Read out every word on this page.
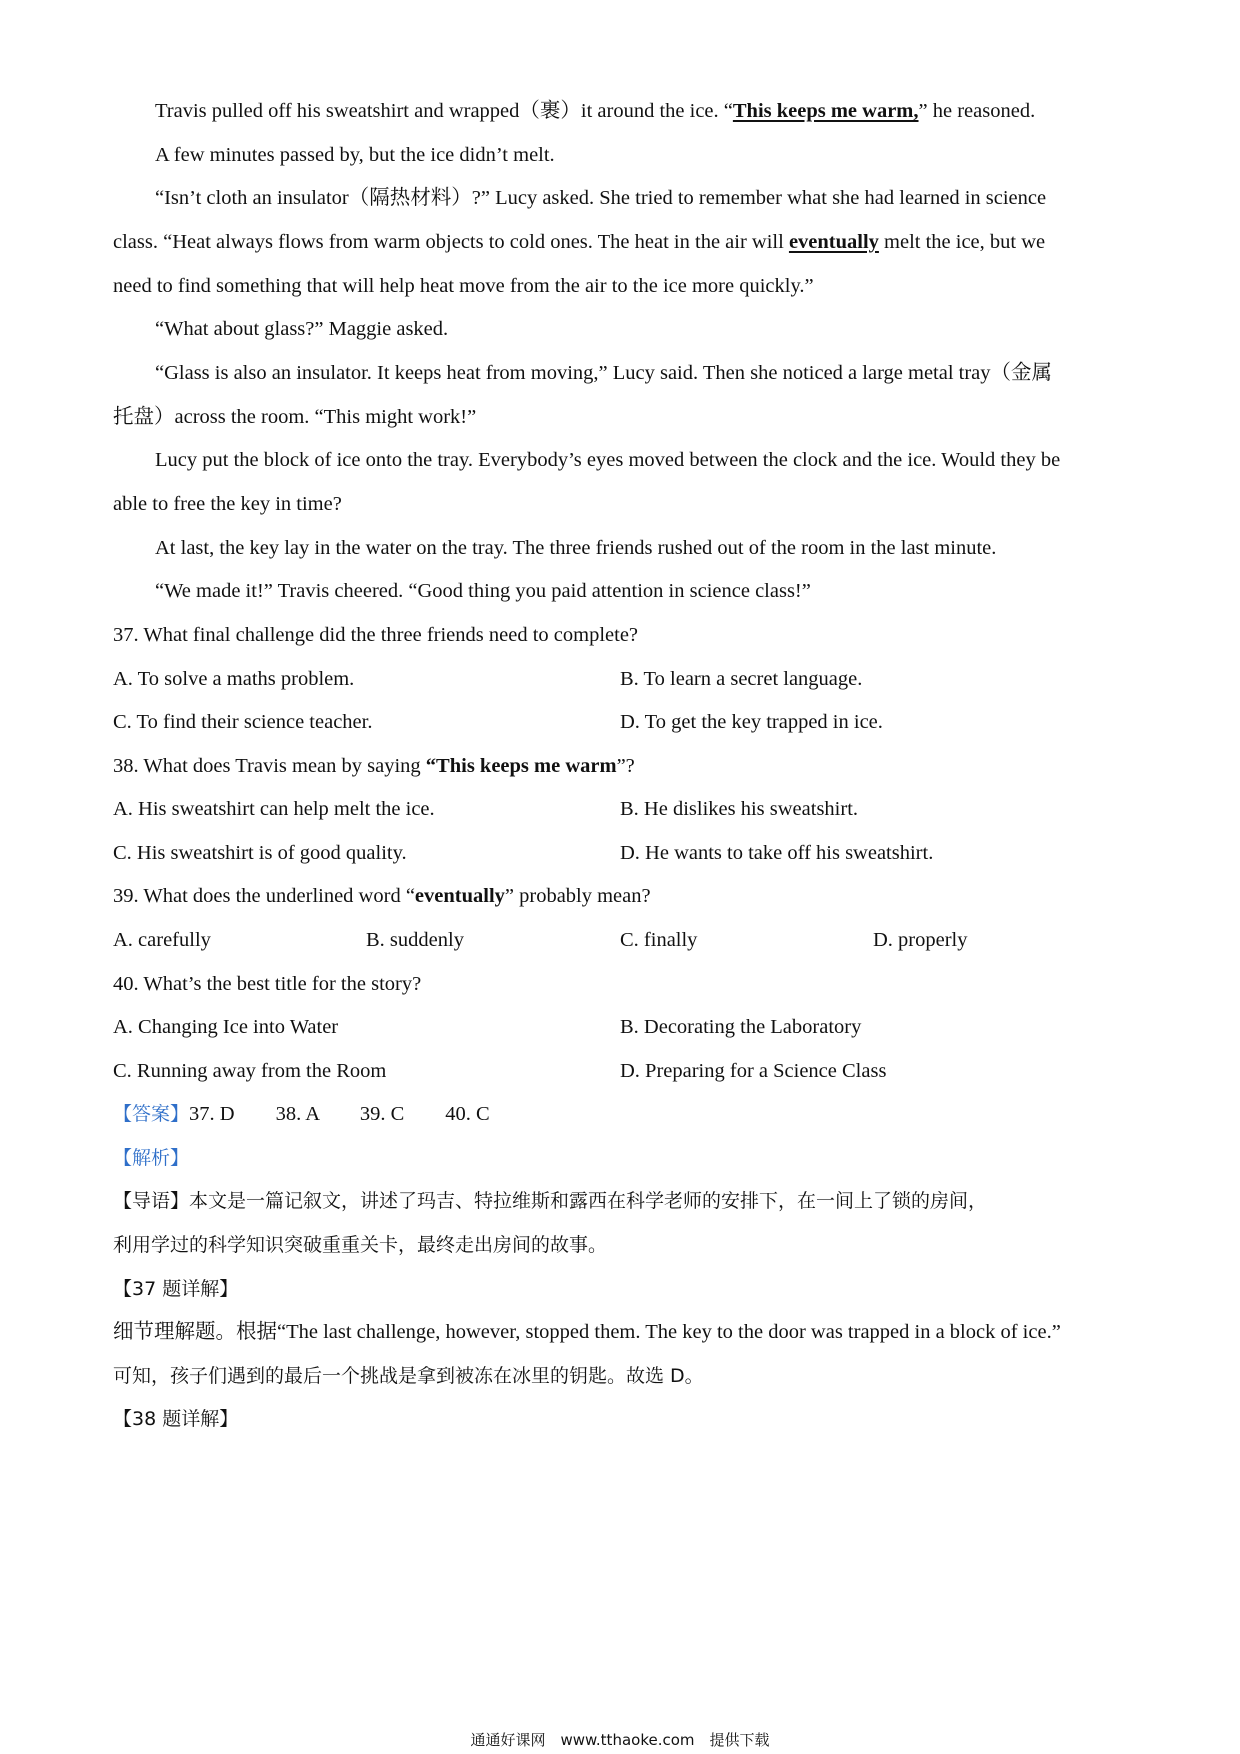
Travis pulled off his sweatshirt and wrapped（裹）it around the ice. “This keeps me warm,” he reasoned.
A few minutes passed by, but the ice didn’t melt.
“Isn’t cloth an insulator（隔热材料）?” Lucy asked. She tried to remember what she had learned in science
class. “Heat always flows from warm objects to cold ones. The heat in the air will eventually melt the ice, but we
need to find something that will help heat move from the air to the ice more quickly.”
“What about glass?” Maggie asked.
“Glass is also an insulator. It keeps heat from moving,” Lucy said. Then she noticed a large metal tray（金属
托盘）across the room. “This might work!”
Lucy put the block of ice onto the tray. Everybody’s eyes moved between the clock and the ice. Would they be
able to free the key in time?
At last, the key lay in the water on the tray. The three friends rushed out of the room in the last minute.
“We made it!” Travis cheered. “Good thing you paid attention in science class!”
37. What final challenge did the three friends need to complete?
A. To solve a maths problem.	B. To learn a secret language.
C. To find their science teacher.	D. To get the key trapped in ice.
38. What does Travis mean by saying “This keeps me warm”?
A. His sweatshirt can help melt the ice.	B. He dislikes his sweatshirt.
C. His sweatshirt is of good quality.	D. He wants to take off his sweatshirt.
39. What does the underlined word “eventually” probably mean?
A. carefully	B. suddenly	C. finally	D. properly
40. What’s the best title for the story?
A. Changing Ice into Water	B. Decorating the Laboratory
C. Running away from the Room	D. Preparing for a Science Class
【答案】37. D　　38. A　　39. C　　40. C
【解析】
【导语】本文是一篇记叙文，讲述了玛吉、特拉维斯和露西在科学老师的安排下，在一间上了锁的房间，
利用学过的科学知识突破重重关卡，最终走出房间的故事。
【37 题详解】
细节理解题。根据“The last challenge, however, stopped them. The key to the door was trapped in a block of ice.”
可知，孩子们遇到的最后一个挑战是拿到被冻在冰里的钥匙。故选 D。
【38 题详解】
通通好课网　www.tthaoke.com　提供下载
